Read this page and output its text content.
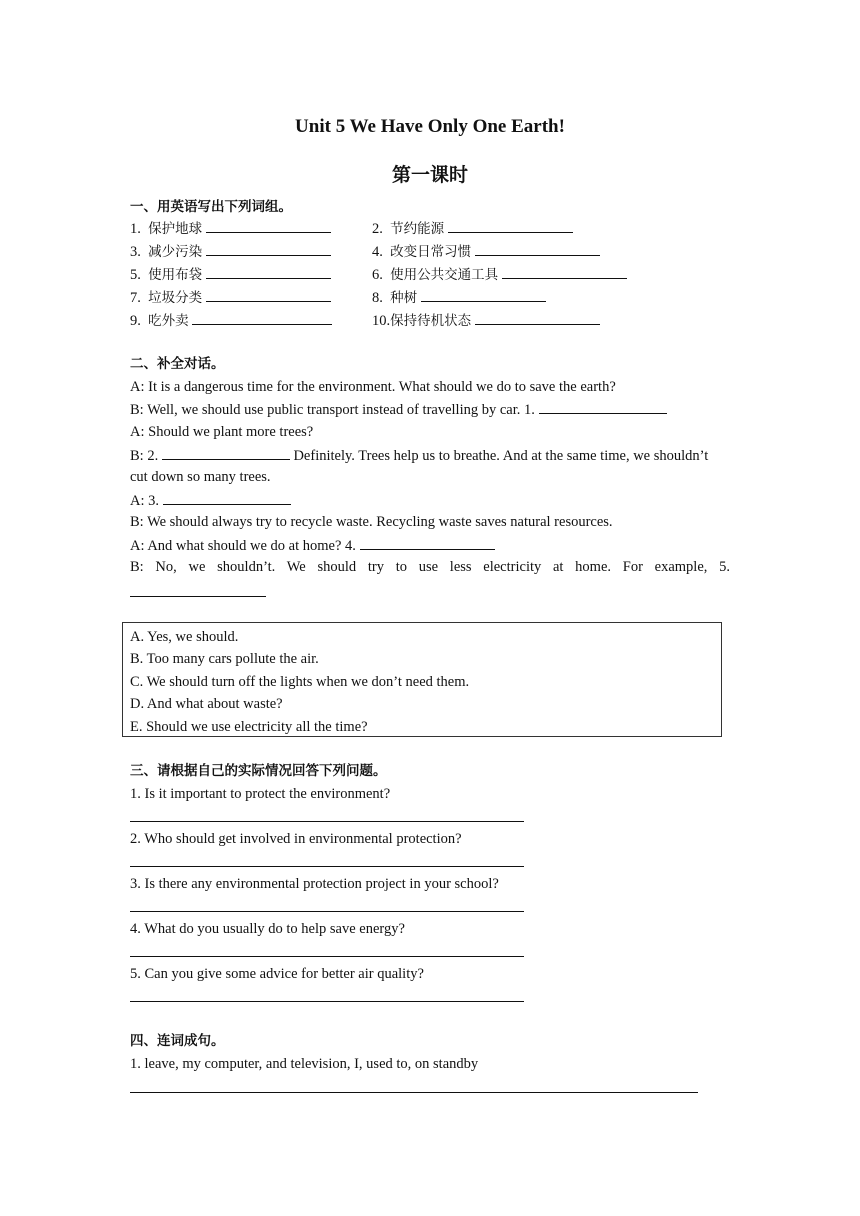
Unit 5 We Have Only One Earth!
第一课时
一、用英语写出下列词组。
1. 保护地球	2. 节约能源
3. 减少污染	4. 改变日常习惯
5. 使用布袋	6. 使用公共交通工具
7. 垃圾分类	8. 种树
9. 吃外卖	10.保持待机状态
二、补全对话。
A: It is a dangerous time for the environment. What should we do to save the earth?
B: Well, we should use public transport instead of travelling by car. 1.
A: Should we plant more trees?
B: 2.	Definitely. Trees help us to breathe. And at the same time, we shouldn’t
cut down so many trees.
A: 3.
B: We should always try to recycle waste. Recycling waste saves natural resources.
A: And what should we do at home? 4.
B: No, we shouldn’t. We should try to use less electricity at home. For example, 5.
A. Yes, we should.
B. Too many cars pollute the air.
C. We should turn off the lights when we don’t need them.
D. And what about waste?
E. Should we use electricity all the time?
三、请根据自己的实际情况回答下列问题。
1. Is it important to protect the environment?
2. Who should get involved in environmental protection?
3. Is there any environmental protection project in your school?
4. What do you usually do to help save energy?
5. Can you give some advice for better air quality?
四、连词成句。
1. leave, my computer, and television, I, used to, on standby
